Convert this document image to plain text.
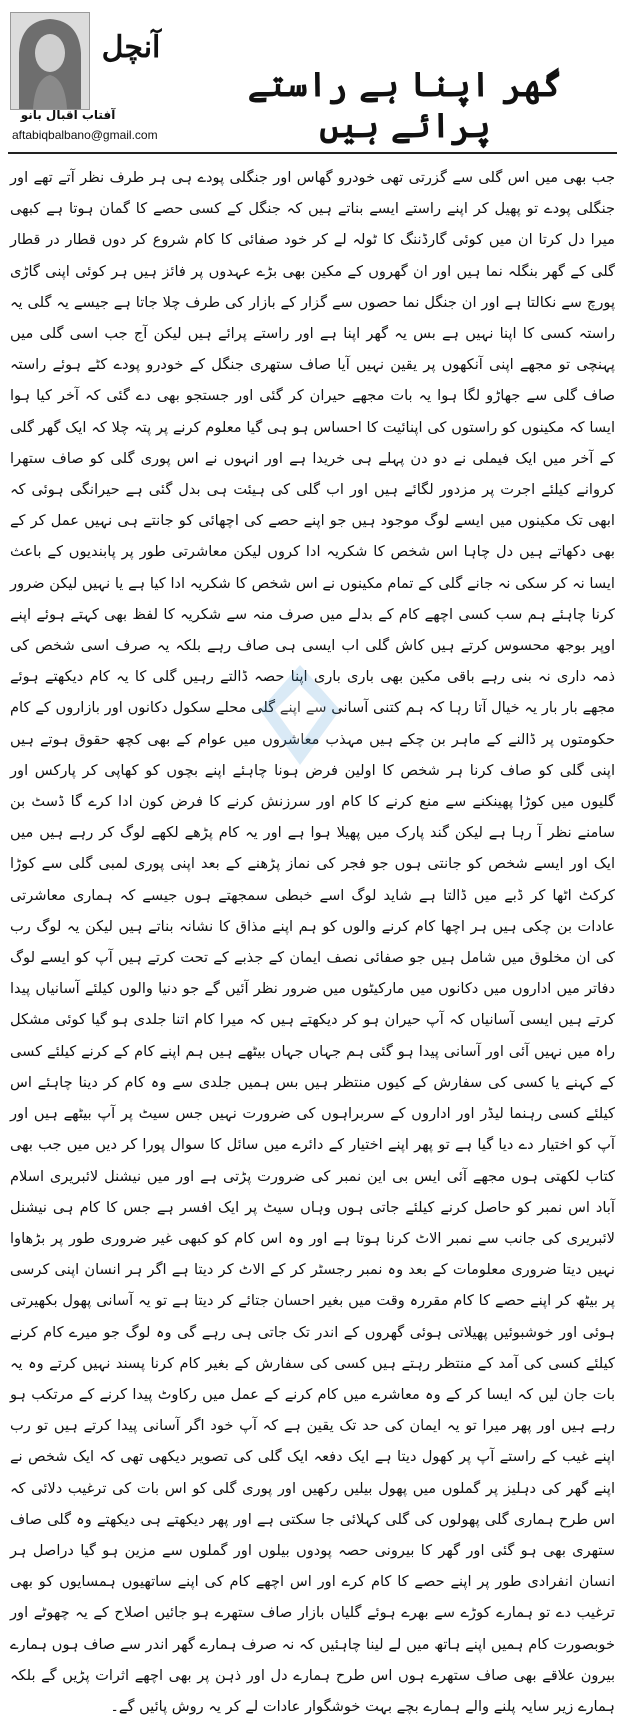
آنچل
آفتاب اقبال بانو
aftabiqbalbano@gmail.com
گھر اپنا ہے راستے پرائے ہیں

جب بھی میں اس گلی سے گزرتی تھی خودرو گھاس اور جنگلی پودے ہی ہر طرف نظر آتے تھے اور جنگلی پودے تو پھیل کر اپنے راستے ایسے بناتے ہیں کہ جنگل کے کسی حصے کا گمان ہوتا ہے کبھی میرا دل کرتا ان میں کوئی گارڈننگ کا ٹولہ لے کر خود صفائی کا کام شروع کر دوں قطار در قطار گلی کے گھر بنگلہ نما ہیں اور ان گھروں کے مکین بھی بڑے عہدوں پر فائز ہیں ہر کوئی اپنی گاڑی پورچ سے نکالتا ہے اور ان جنگل نما حصوں سے گزار کے بازار کی طرف چلا جاتا ہے جیسے یہ گلی یہ راستہ کسی کا اپنا نہیں ہے بس یہ گھر اپنا ہے اور راستے پرائے ہیں لیکن آج جب اسی گلی میں پہنچی تو مجھے اپنی آنکھوں پر یقین نہیں آیا صاف ستھری جنگل کے خودرو پودے کٹے ہوئے راستہ صاف گلی سے جھاڑو لگا ہوا یہ بات مجھے حیران کر گئی اور جستجو بھی دے گئی کہ آخر کیا ہوا ایسا کہ مکینوں کو راستوں کی اپنائیت کا احساس ہو ہی گیا معلوم کرنے پر پتہ چلا کہ ایک گھر گلی کے آخر میں ایک فیملی نے دو دن پہلے ہی خریدا ہے اور انہوں نے اس پوری گلی کو صاف ستھرا کروانے کیلئے اجرت پر مزدور لگائے ہیں اور اب گلی کی ہیئت ہی بدل گئی ہے حیرانگی ہوئی کہ ابھی تک مکینوں میں ایسے لوگ موجود ہیں جو اپنے حصے کی اچھائی کو جانتے ہی نہیں عمل کر کے بھی دکھاتے ہیں دل چاہا اس شخص کا شکریہ ادا کروں لیکن معاشرتی طور پر پابندیوں کے باعث ایسا نہ کر سکی نہ جانے گلی کے تمام مکینوں نے اس شخص کا شکریہ ادا کیا ہے یا نہیں لیکن ضرور کرنا چاہئے ہم سب کسی اچھے کام کے بدلے میں صرف منہ سے شکریہ کا لفظ بھی کہتے ہوئے اپنے اوپر بوجھ محسوس کرتے ہیں کاش گلی اب ایسی ہی صاف رہے بلکہ یہ صرف اسی شخص کی ذمہ داری نہ بنی رہے باقی مکین بھی باری باری اپنا حصہ ڈالتے رہیں گلی کا یہ کام دیکھتے ہوئے مجھے بار بار یہ خیال آتا رہا کہ ہم کتنی آسانی سے اپنے گلی محلے سکول دکانوں اور بازاروں کے کام حکومتوں پر ڈالنے کے ماہر بن چکے ہیں مہذب معاشروں میں عوام کے بھی کچھ حقوق ہوتے ہیں اپنی گلی کو صاف کرنا ہر شخص کا اولین فرض ہونا چاہئے اپنے بچوں کو کھاپی کر پارکس اور گلیوں میں کوڑا پھینکنے سے منع کرنے کا کام اور سرزنش کرنے کا فرض کون ادا کرے گا ڈسٹ بن سامنے نظر آ رہا ہے لیکن گند پارک میں پھیلا ہوا ہے اور یہ کام پڑھے لکھے لوگ کر رہے ہیں میں ایک اور ایسے شخص کو جانتی ہوں جو فجر کی نماز پڑھنے کے بعد اپنی پوری لمبی گلی سے کوڑا کرکٹ اٹھا کر ڈبے میں ڈالتا ہے شاید لوگ اسے خبطی سمجھتے ہوں جیسے کہ ہماری معاشرتی عادات بن چکی ہیں ہر اچھا کام کرنے والوں کو ہم اپنے مذاق کا نشانہ بناتے ہیں لیکن یہ لوگ رب کی ان مخلوق میں شامل ہیں جو صفائی نصف ایمان کے جذبے کے تحت کرتے ہیں آپ کو ایسے لوگ دفاتر میں اداروں میں دکانوں میں مارکیٹوں میں ضرور نظر آئیں گے جو دنیا والوں کیلئے آسانیاں پیدا کرتے ہیں ایسی آسانیاں کہ آپ حیران ہو کر دیکھتے ہیں کہ میرا کام اتنا جلدی ہو گیا کوئی مشکل راہ میں نہیں آئی اور آسانی پیدا ہو گئی ہم جہاں جہاں بیٹھے ہیں ہم اپنے کام کے کرنے کیلئے کسی کے کہنے یا کسی کی سفارش کے کیوں منتظر ہیں بس ہمیں جلدی سے وہ کام کر دینا چاہئے اس کیلئے کسی رہنما لیڈر اور اداروں کے سربراہوں کی ضرورت نہیں جس سیٹ پر آپ بیٹھے ہیں اور آپ کو اختیار دے دیا گیا ہے تو پھر اپنے اختیار کے دائرے میں سائل کا سوال پورا کر دیں میں جب بھی کتاب لکھتی ہوں مجھے آئی ایس بی این نمبر کی ضرورت پڑتی ہے اور میں نیشنل لائبریری اسلام آباد اس نمبر کو حاصل کرنے کیلئے جاتی ہوں وہاں سیٹ پر ایک افسر ہے جس کا کام ہی نیشنل لائبریری کی جانب سے نمبر الاٹ کرنا ہوتا ہے اور وہ اس کام کو کبھی غیر ضروری طور پر بڑھاوا نہیں دیتا ضروری معلومات کے بعد وہ نمبر رجسٹر کر کے الاٹ کر دیتا ہے اگر ہر انسان اپنی کرسی پر بیٹھ کر اپنے حصے کا کام مقررہ وقت میں بغیر احسان جتائے کر دیتا ہے تو یہ آسانی پھول بکھیرتی ہوئی اور خوشبوئیں پھیلاتی ہوئی گھروں کے اندر تک جاتی ہی رہے گی وہ لوگ جو میرے کام کرنے کیلئے کسی کی آمد کے منتظر رہتے ہیں کسی کی سفارش کے بغیر کام کرنا پسند نہیں کرتے وہ یہ بات جان لیں کہ ایسا کر کے وہ معاشرے میں کام کرنے کے عمل میں رکاوٹ پیدا کرنے کے مرتکب ہو رہے ہیں اور پھر میرا تو یہ ایمان کی حد تک یقین ہے کہ آپ خود اگر آسانی پیدا کرتے ہیں تو رب اپنے غیب کے راستے آپ پر کھول دیتا ہے ایک دفعہ ایک گلی کی تصویر دیکھی تھی کہ ایک شخص نے اپنے گھر کی دہلیز پر گملوں میں پھول بیلیں رکھیں اور پوری گلی کو اس بات کی ترغیب دلائی کہ اس طرح ہماری گلی پھولوں کی گلی کہلائی جا سکتی ہے اور پھر دیکھتے ہی دیکھتے وہ گلی صاف ستھری بھی ہو گئی اور گھر کا بیرونی حصہ پودوں بیلوں اور گملوں سے مزین ہو گیا دراصل ہر انسان انفرادی طور پر اپنے حصے کا کام کرے اور اس اچھے کام کی اپنے ساتھیوں ہمسایوں کو بھی ترغیب دے تو ہمارے کوڑے سے بھرے ہوئے گلیاں بازار صاف ستھرے ہو جائیں اصلاح کے یہ چھوٹے اور خوبصورت کام ہمیں اپنے ہاتھ میں لے لینا چاہئیں کہ نہ صرف ہمارے گھر اندر سے صاف ہوں ہمارے بیرون علاقے بھی صاف ستھرے ہوں اس طرح ہمارے دل اور ذہن پر بھی اچھے اثرات پڑیں گے بلکہ ہمارے زیر سایہ پلنے والے ہمارے بچے بہت خوشگوار عادات لے کر یہ روش پائیں گے۔
